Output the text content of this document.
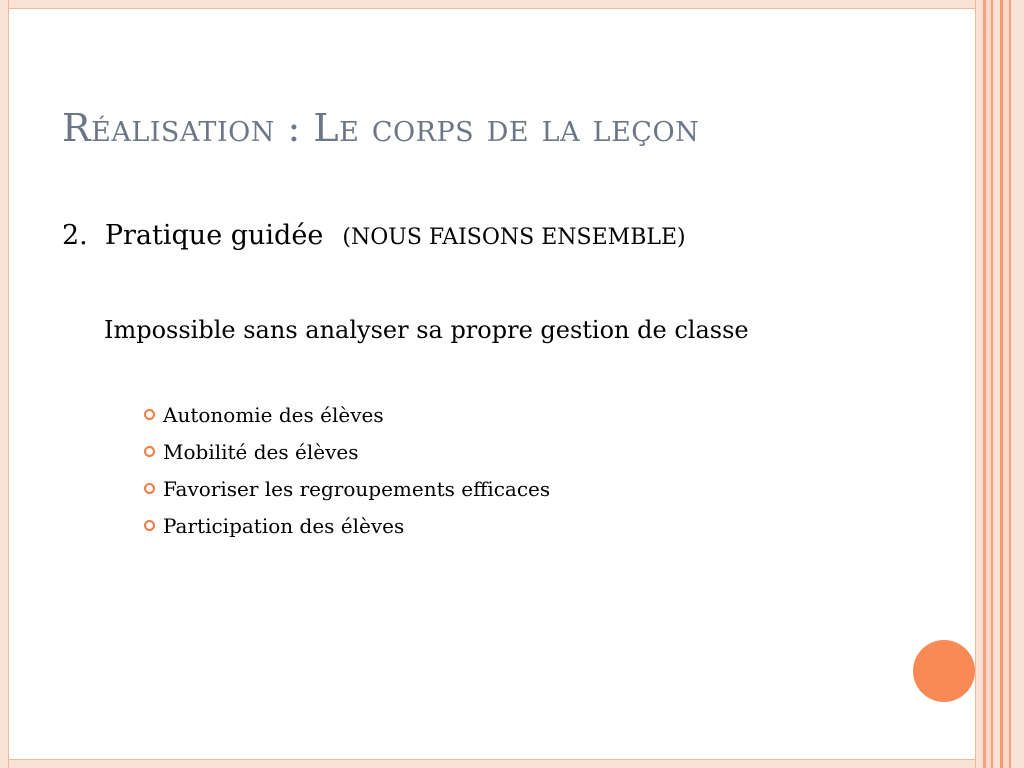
Réalisation : Le corps de la leçon
2. Pratique guidée (NOUS FAISONS ENSEMBLE)
Impossible sans analyser sa propre gestion de classe
Autonomie des élèves
Mobilité des élèves
Favoriser les regroupements efficaces
Participation des élèves
